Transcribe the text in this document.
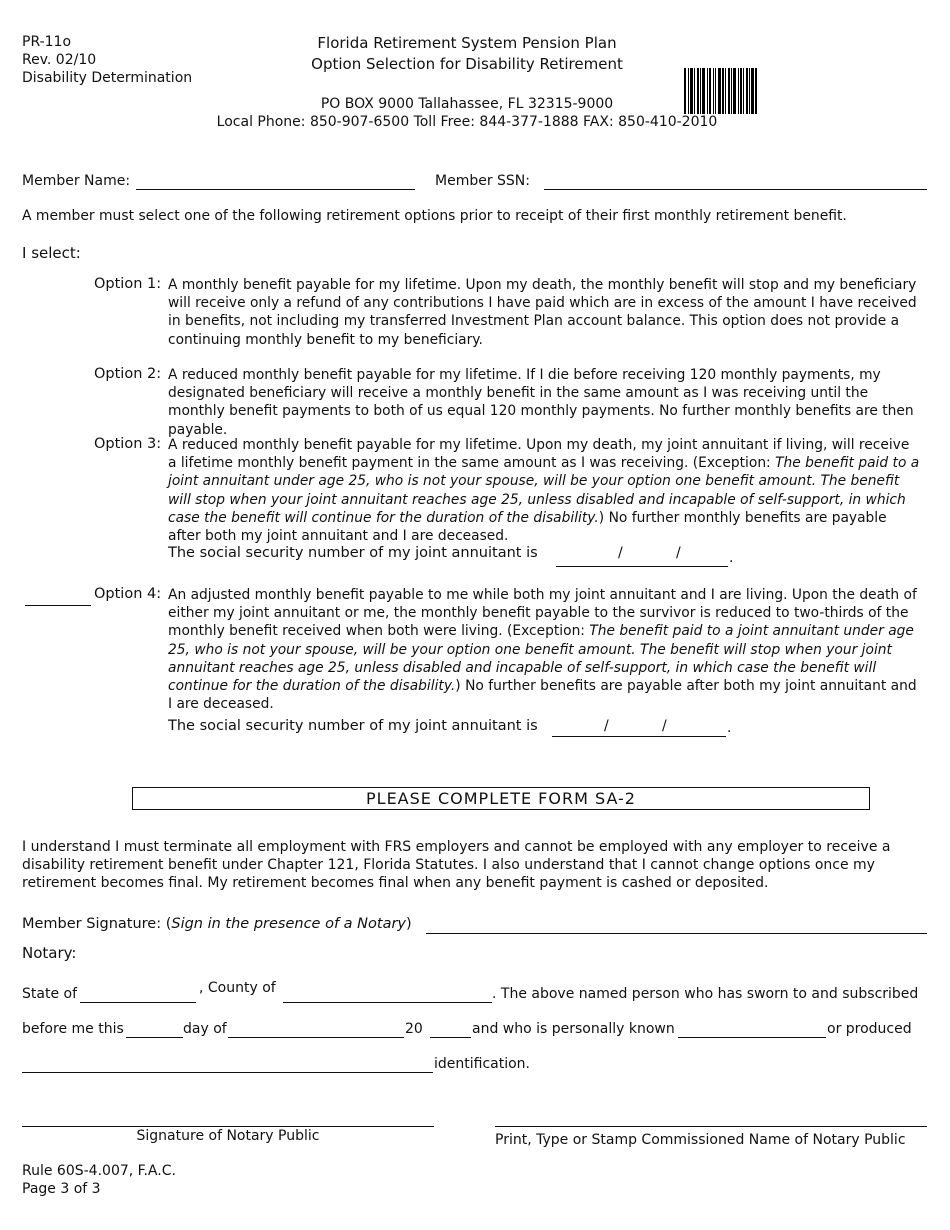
PR-11o
Rev. 02/10
Disability Determination
Florida Retirement System Pension Plan
Option Selection for Disability Retirement
PO BOX 9000 Tallahassee, FL 32315-9000
Local Phone: 850-907-6500 Toll Free: 844-377-1888 FAX: 850-410-2010
Member Name:	Member SSN:
A member must select one of the following retirement options prior to receipt of their first monthly retirement benefit.
I select:
Option 1: A monthly benefit payable for my lifetime. Upon my death, the monthly benefit will stop and my beneficiary will receive only a refund of any contributions I have paid which are in excess of the amount I have received in benefits, not including my transferred Investment Plan account balance. This option does not provide a continuing monthly benefit to my beneficiary.
Option 2: A reduced monthly benefit payable for my lifetime. If I die before receiving 120 monthly payments, my designated beneficiary will receive a monthly benefit in the same amount as I was receiving until the monthly benefit payments to both of us equal 120 monthly payments. No further monthly benefits are then payable.
Option 3: A reduced monthly benefit payable for my lifetime. Upon my death, my joint annuitant if living, will receive a lifetime monthly benefit payment in the same amount as I was receiving. (Exception: The benefit paid to a joint annuitant under age 25, who is not your spouse, will be your option one benefit amount. The benefit will stop when your joint annuitant reaches age 25, unless disabled and incapable of self-support, in which case the benefit will continue for the duration of the disability.) No further monthly benefits are payable after both my joint annuitant and I are deceased.
The social security number of my joint annuitant is	/	/	.
Option 4: An adjusted monthly benefit payable to me while both my joint annuitant and I are living. Upon the death of either my joint annuitant or me, the monthly benefit payable to the survivor is reduced to two-thirds of the monthly benefit received when both were living. (Exception: The benefit paid to a joint annuitant under age 25, who is not your spouse, will be your option one benefit amount. The benefit will stop when your joint annuitant reaches age 25, unless disabled and incapable of self-support, in which case the benefit will continue for the duration of the disability.) No further benefits are payable after both my joint annuitant and I are deceased.
The social security number of my joint annuitant is	/	/	.
PLEASE COMPLETE FORM SA-2
I understand I must terminate all employment with FRS employers and cannot be employed with any employer to receive a disability retirement benefit under Chapter 121, Florida Statutes. I also understand that I cannot change options once my retirement becomes final. My retirement becomes final when any benefit payment is cashed or deposited.
Member Signature: (Sign in the presence of a Notary)
Notary:
State of	, County of	. The above named person who has sworn to and subscribed
before me this	day of	20	and who is personally known	or produced
identification.
Signature of Notary Public	Print, Type or Stamp Commissioned Name of Notary Public
Rule 60S-4.007, F.A.C.
Page 3 of 3
